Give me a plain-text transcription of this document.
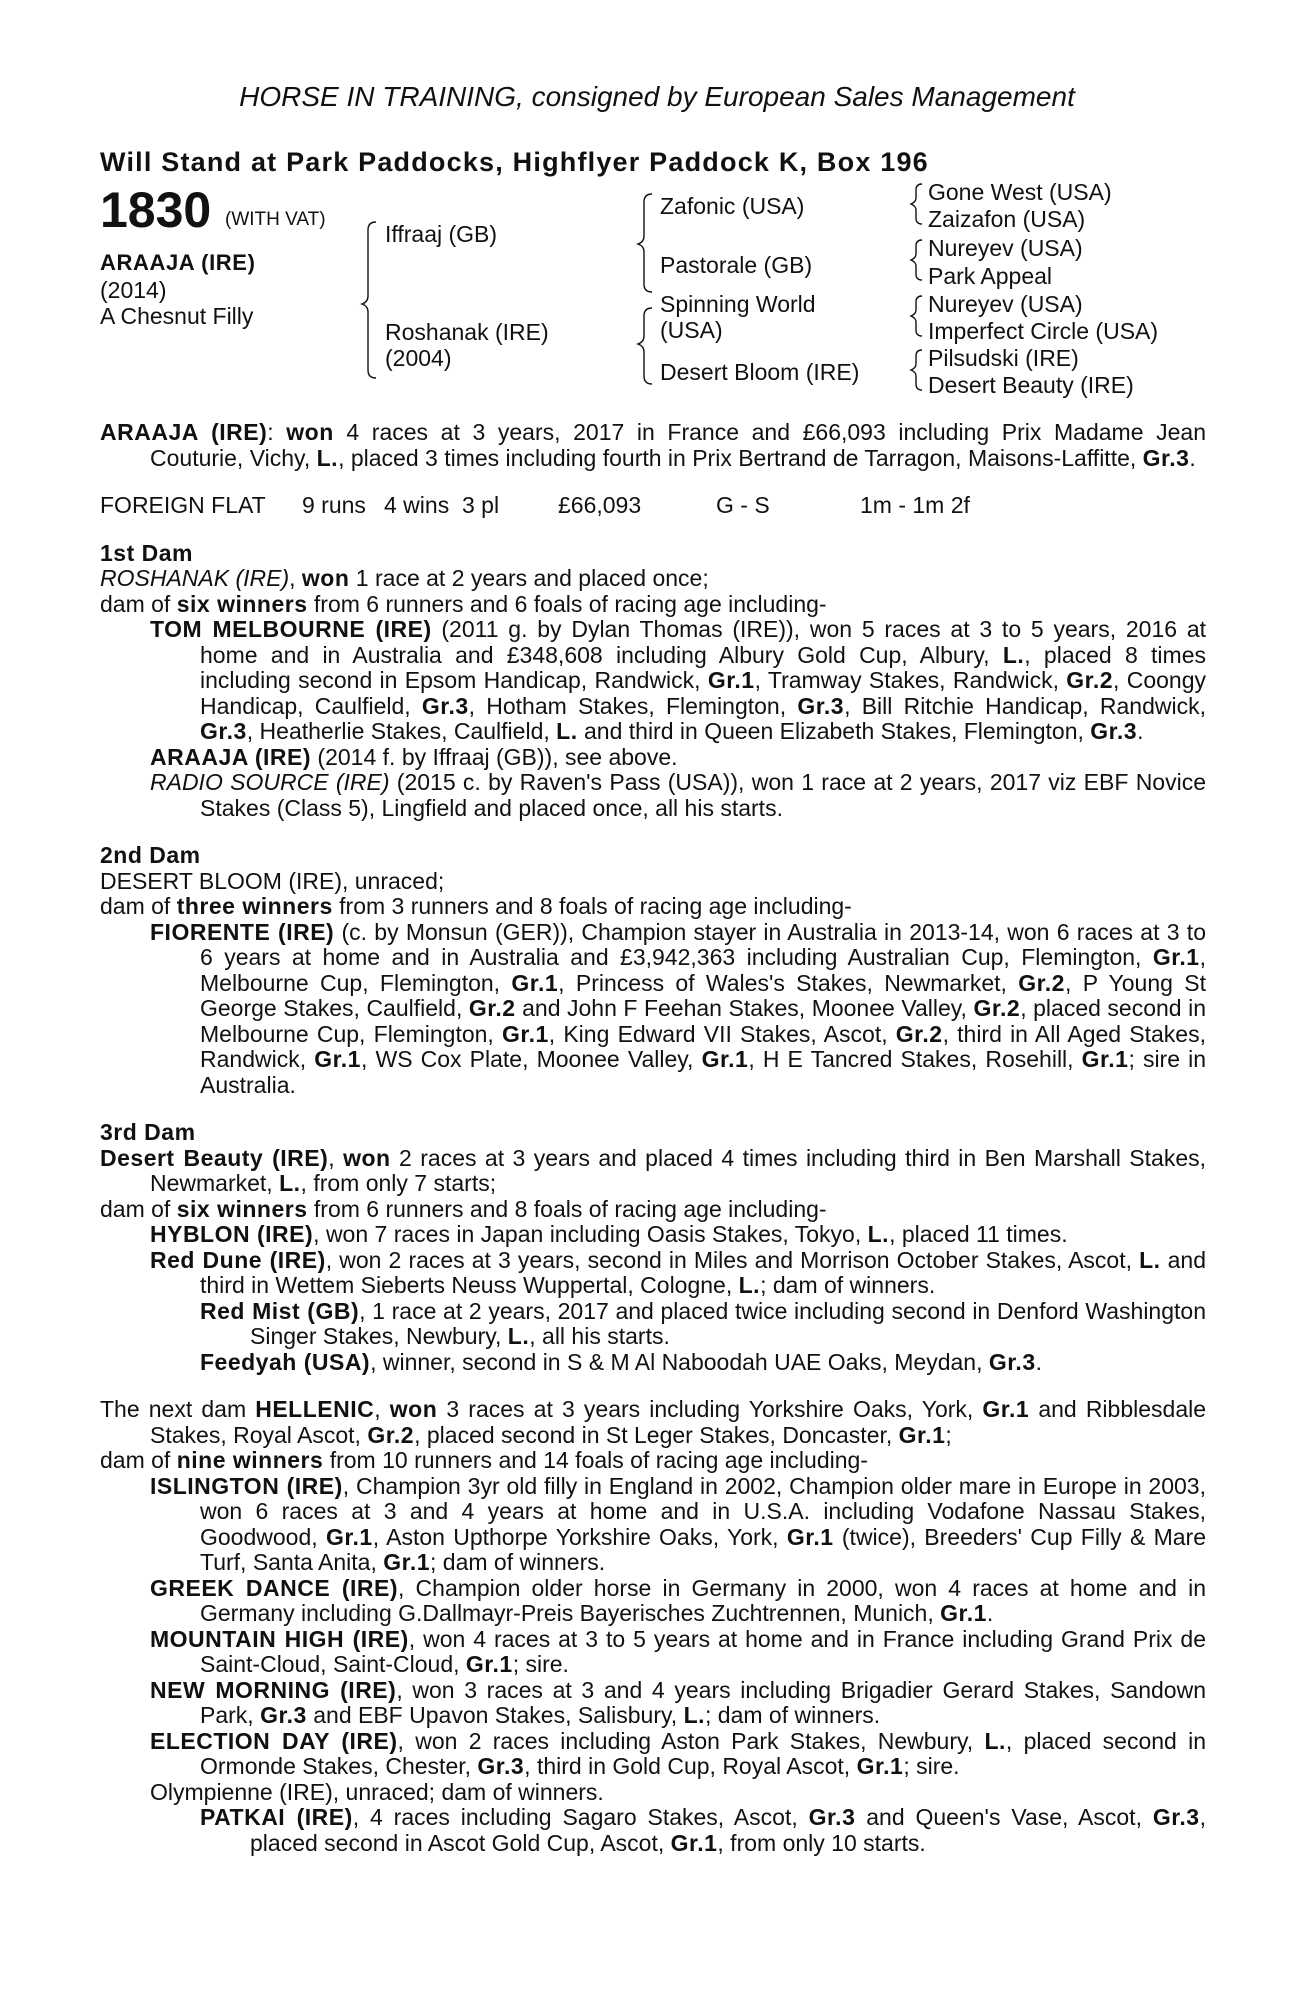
HORSE IN TRAINING, consigned by European Sales Management
Will Stand at Park Paddocks, Highflyer Paddock K, Box 196
1830 (WITH VAT)
ARAAJA (IRE)
(2014)
A Chesnut Filly
Iffraaj (GB)
Roshanak (IRE)
(2004)
Zafonic (USA)
Pastorale (GB)
Spinning World
(USA)
Desert Bloom (IRE)
Gone West (USA)
Zaizafon (USA)
Nureyev (USA)
Park Appeal
Nureyev (USA)
Imperfect Circle (USA)
Pilsudski (IRE)
Desert Beauty (IRE)

ARAAJA (IRE): won 4 races at 3 years, 2017 in France and £66,093 including Prix Madame Jean Couturie, Vichy, L., placed 3 times including fourth in Prix Bertrand de Tarragon, Maisons-Laffitte, Gr.3.

FOREIGN FLAT	9 runs 4 wins 3 pl	£66,093	G - S	1m - 1m 2f
1st Dam

ROSHANAK (IRE), won 1 race at 2 years and placed once;

dam of six winners from 6 runners and 6 foals of racing age including-

TOM MELBOURNE (IRE) (2011 g. by Dylan Thomas (IRE)), won 5 races at 3 to 5 years, 2016 at home and in Australia and £348,608 including Albury Gold Cup, Albury, L., placed 8 times including second in Epsom Handicap, Randwick, Gr.1, Tramway Stakes, Randwick, Gr.2, Coongy Handicap, Caulfield, Gr.3, Hotham Stakes, Flemington, Gr.3, Bill Ritchie Handicap, Randwick, Gr.3, Heatherlie Stakes, Caulfield, L. and third in Queen Elizabeth Stakes, Flemington, Gr.3.

ARAAJA (IRE) (2014 f. by Iffraaj (GB)), see above.

RADIO SOURCE (IRE) (2015 c. by Raven's Pass (USA)), won 1 race at 2 years, 2017 viz EBF Novice Stakes (Class 5), Lingfield and placed once, all his starts.

2nd Dam

DESERT BLOOM (IRE), unraced;

dam of three winners from 3 runners and 8 foals of racing age including-

FIORENTE (IRE) (c. by Monsun (GER)), Champion stayer in Australia in 2013-14, won 6 races at 3 to 6 years at home and in Australia and £3,942,363 including Australian Cup, Flemington, Gr.1, Melbourne Cup, Flemington, Gr.1, Princess of Wales's Stakes, Newmarket, Gr.2, P Young St George Stakes, Caulfield, Gr.2 and John F Feehan Stakes, Moonee Valley, Gr.2, placed second in Melbourne Cup, Flemington, Gr.1, King Edward VII Stakes, Ascot, Gr.2, third in All Aged Stakes, Randwick, Gr.1, WS Cox Plate, Moonee Valley, Gr.1, H E Tancred Stakes, Rosehill, Gr.1; sire in Australia.

3rd Dam

Desert Beauty (IRE), won 2 races at 3 years and placed 4 times including third in Ben Marshall Stakes, Newmarket, L., from only 7 starts;

dam of six winners from 6 runners and 8 foals of racing age including-

HYBLON (IRE), won 7 races in Japan including Oasis Stakes, Tokyo, L., placed 11 times.

Red Dune (IRE), won 2 races at 3 years, second in Miles and Morrison October Stakes, Ascot, L. and third in Wettem Sieberts Neuss Wuppertal, Cologne, L.; dam of winners.

Red Mist (GB), 1 race at 2 years, 2017 and placed twice including second in Denford Washington Singer Stakes, Newbury, L., all his starts.

Feedyah (USA), winner, second in S & M Al Naboodah UAE Oaks, Meydan, Gr.3.

The next dam HELLENIC, won 3 races at 3 years including Yorkshire Oaks, York, Gr.1 and Ribblesdale Stakes, Royal Ascot, Gr.2, placed second in St Leger Stakes, Doncaster, Gr.1;

dam of nine winners from 10 runners and 14 foals of racing age including-

ISLINGTON (IRE), Champion 3yr old filly in England in 2002, Champion older mare in Europe in 2003, won 6 races at 3 and 4 years at home and in U.S.A. including Vodafone Nassau Stakes, Goodwood, Gr.1, Aston Upthorpe Yorkshire Oaks, York, Gr.1 (twice), Breeders' Cup Filly & Mare Turf, Santa Anita, Gr.1; dam of winners.

GREEK DANCE (IRE), Champion older horse in Germany in 2000, won 4 races at home and in Germany including G.Dallmayr-Preis Bayerisches Zuchtrennen, Munich, Gr.1.

MOUNTAIN HIGH (IRE), won 4 races at 3 to 5 years at home and in France including Grand Prix de Saint-Cloud, Saint-Cloud, Gr.1; sire.

NEW MORNING (IRE), won 3 races at 3 and 4 years including Brigadier Gerard Stakes, Sandown Park, Gr.3 and EBF Upavon Stakes, Salisbury, L.; dam of winners.

ELECTION DAY (IRE), won 2 races including Aston Park Stakes, Newbury, L., placed second in Ormonde Stakes, Chester, Gr.3, third in Gold Cup, Royal Ascot, Gr.1; sire.

Olympienne (IRE), unraced; dam of winners.

PATKAI (IRE), 4 races including Sagaro Stakes, Ascot, Gr.3 and Queen's Vase, Ascot, Gr.3, placed second in Ascot Gold Cup, Ascot, Gr.1, from only 10 starts.
